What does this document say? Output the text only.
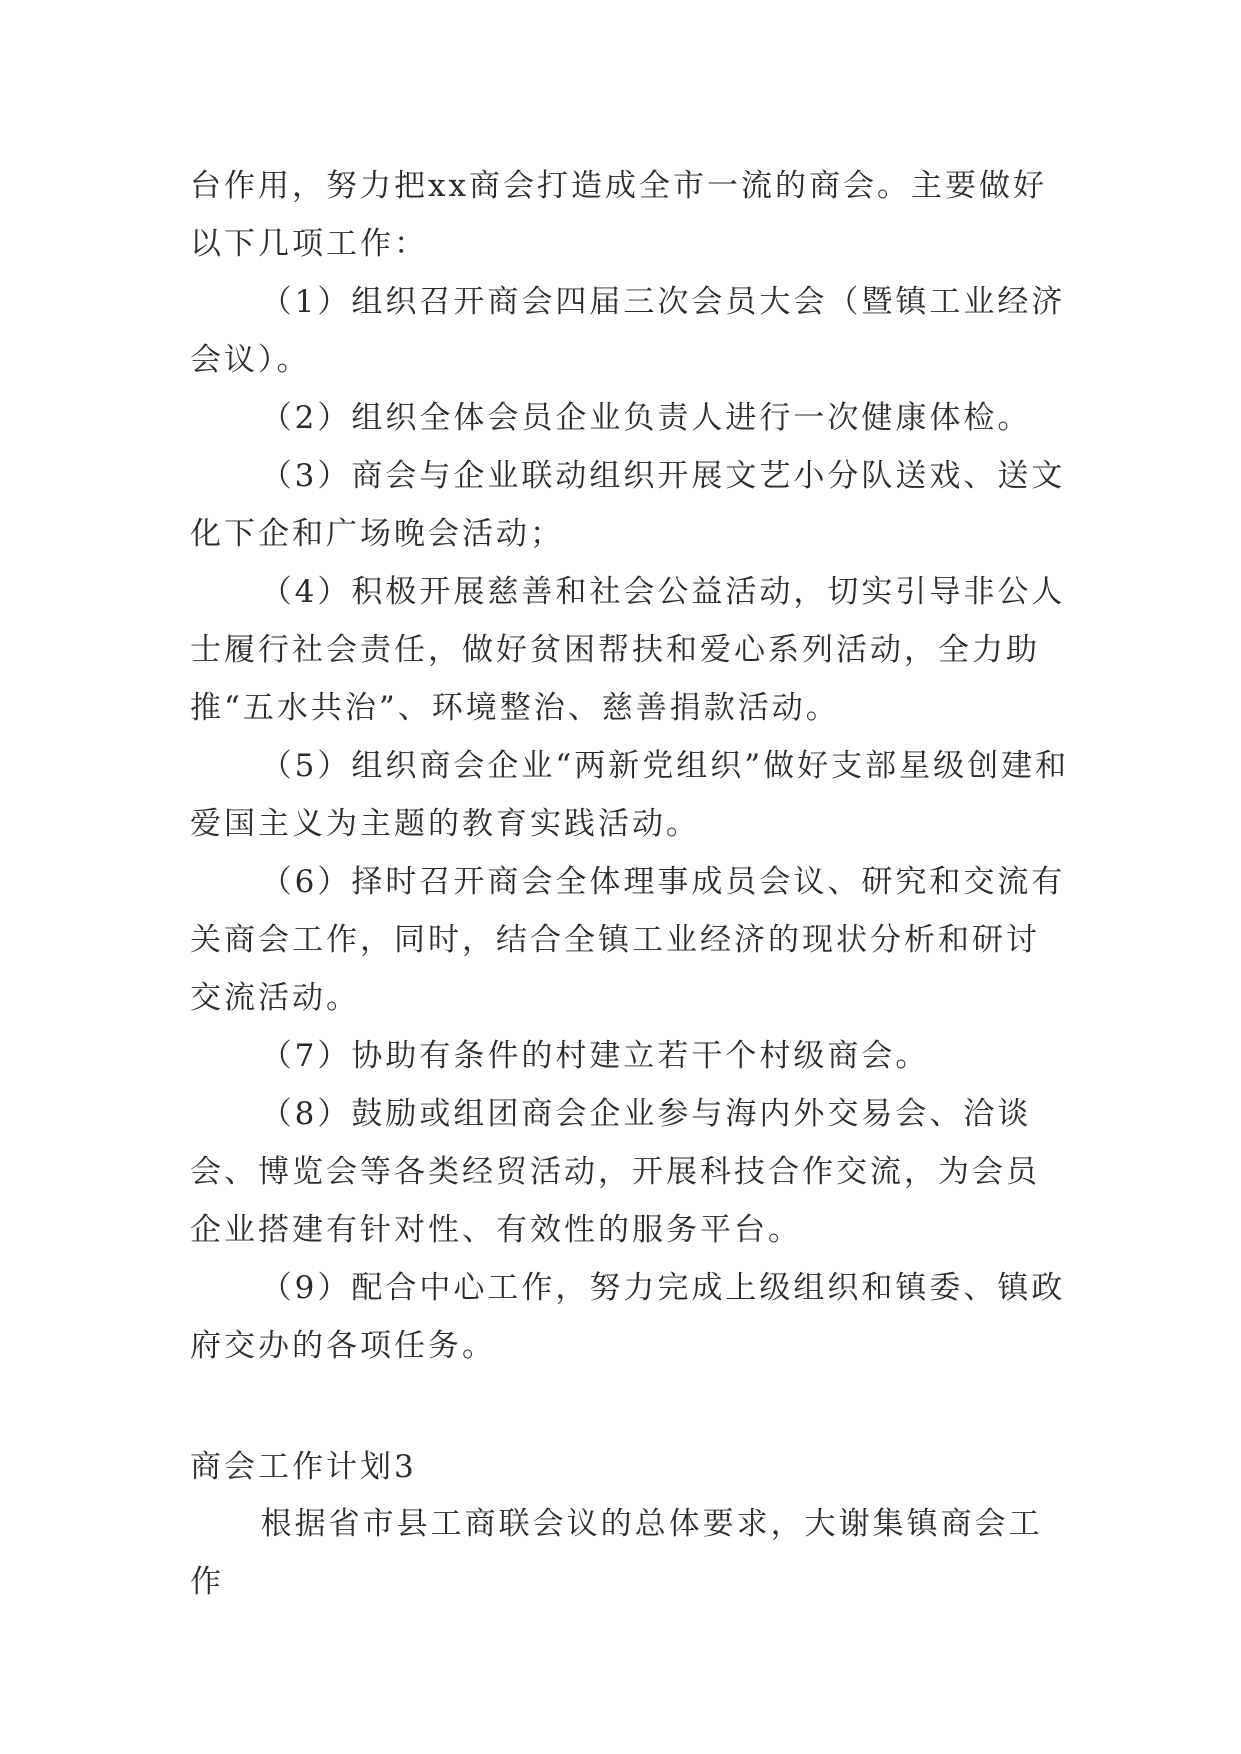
台作用，努力把xx商会打造成全市一流的商会。主要做好以下几项工作：

（1）组织召开商会四届三次会员大会（暨镇工业经济会议）。

（2）组织全体会员企业负责人进行一次健康体检。

（3）商会与企业联动组织开展文艺小分队送戏、送文化下企和广场晚会活动；

（4）积极开展慈善和社会公益活动，切实引导非公人士履行社会责任，做好贫困帮扶和爱心系列活动，全力助推“五水共治”、环境整治、慈善捐款活动。

（5）组织商会企业“两新党组织”做好支部星级创建和爱国主义为主题的教育实践活动。

（6）择时召开商会全体理事成员会议、研究和交流有关商会工作，同时，结合全镇工业经济的现状分析和研讨交流活动。

（7）协助有条件的村建立若干个村级商会。

（8）鼓励或组团商会企业参与海内外交易会、洽谈会、博览会等各类经贸活动，开展科技合作交流，为会员企业搭建有针对性、有效性的服务平台。

（9）配合中心工作，努力完成上级组织和镇委、镇政府交办的各项任务。

商会工作计划3

根据省市县工商联会议的总体要求，大谢集镇商会工作
